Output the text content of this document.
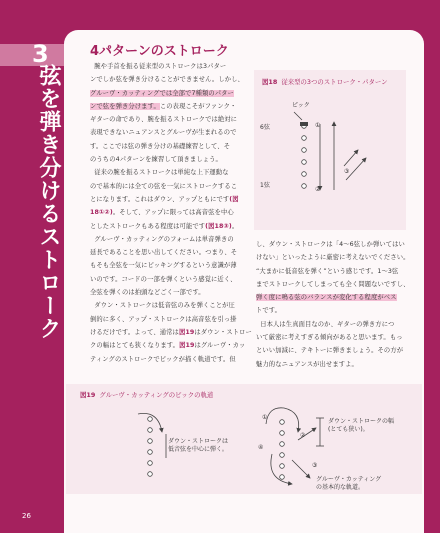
3
弦を弾き分けるストローク
4パターンのストローク
腕や手首を振る従来型のストロークは3パター
ンでしか弦を弾き分けることができません。しかし、
グルーヴ・カッティングでは全部で7種類のパター
ンで弦を弾き分けます。この表現こそがファンク・
ギターの命であり、腕を振るストロークでは絶対に
表現できないニュアンスとグルーヴが生まれるので
す。ここでは弦の弾き分けの基礎練習として、そ
のうちの4パターンを練習して頂きましょう。
従来の腕を振るストロークは単純な上下運動な
ので基本的には全ての弦を一気にストロークするこ
とになります。これはダウン、アップともにです(図
18①②)。そして、アップに限っては高音弦を中心
としたストロークもある程度は可能です(図18③)。
グルーヴ・カッティングのフォームは単音弾きの
延長であることを思い出してください。つまり、そ
もそも全弦を一気にピッキングするという意識が薄
いのです。コードの一部を弾くという感覚に近く、
全弦を弾くのは拍頭などごく一部です。
ダウン・ストロークは低音弦のみを弾くことが圧
倒的に多く、アップ・ストロークは高音弦を引っ掛
けるだけです。よって、通常は図19はダウン・ストロー
クの幅はとても狭くなります。図19はグルーヴ・カッ
ティングのストロークでピックが描く軌道です。但
図18 従来型の3つのストローク・パターン
ピック
6弦
1弦
①
②
③
し、ダウン・ストロークは「4～6弦しか弾いてはい
けない」といったように厳密に考えないでください。
“大まかに低音弦を弾く”という感じです。1～3弦
までストロークしてしまっても全く問題ないですし、
弾く度に鳴る弦のバランスが変化する程度がベス
トです。
日本人は生真面目なのか、ギターの弾き方につ
いて厳密に考えすぎる傾向があると思います。もっ
といい加減に、テキトーに弾きましょう。その方が
魅力的なニュアンスが出せますよ。
図19 グルーヴ・カッティングのピックの軌道
ダウン・ストロークは
低音弦を中心に弾く。
ダウン・ストロークの幅
(とても狭い)。
グルーヴ・カッティング
の基本的な軌道。
①
②
③
④
26
